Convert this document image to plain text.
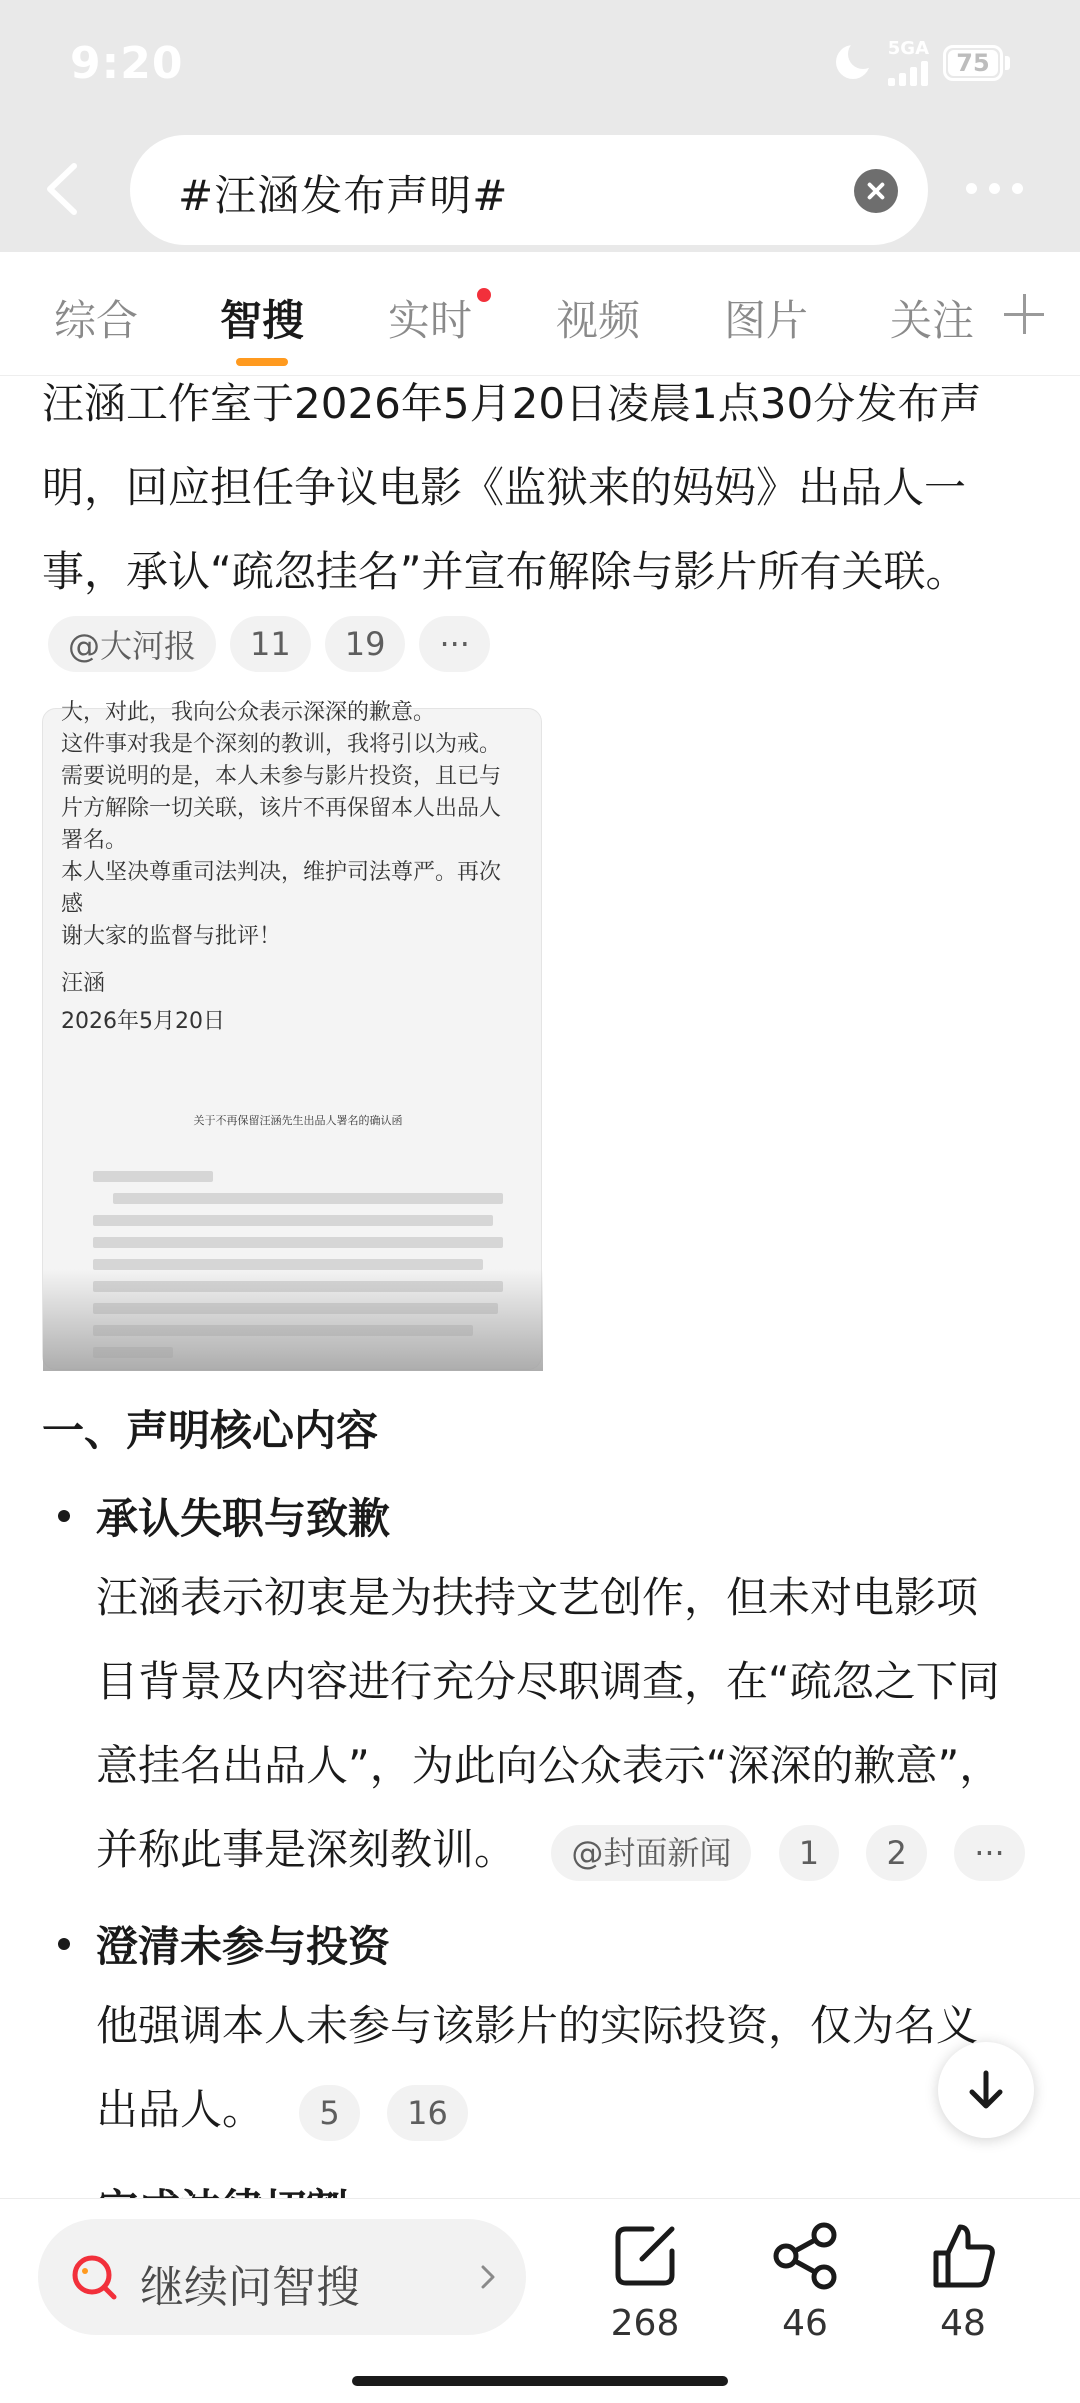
9:20	5GA
75
#汪涵发布声明#
综合 智搜 实时 视频 图片 关注
汪涵工作室于2026年5月20日凌晨1点30分发布声
明，回应担任争议电影《监狱来的妈妈》出品人一
事，承认“疏忽挂名”并宣布解除与影片所有关联。
@大河报	11	19	···
大，对此，我向公众表示深深的歉意。
这件事对我是个深刻的教训，我将引以为戒。
需要说明的是，本人未参与影片投资，且已与
片方解除一切关联，该片不再保留本人出品人
署名。
本人坚决尊重司法判决，维护司法尊严。再次
感
谢大家的监督与批评！
汪涵
2026年5月20日
关于不再保留汪涵先生出品人署名的确认函
一、声明核心内容
承认失职与致歉
汪涵表示初衷是为扶持文艺创作，但未对电影项
目背景及内容进行充分尽职调查，在“疏忽之下同
意挂名出品人”，为此向公众表示“深深的歉意”，
并称此事是深刻教训。 @封面新闻 1 2 ···
澄清未参与投资
他强调本人未参与该影片的实际投资，仅为名义
出品人。 5 16
继续问智搜
268	46	48
